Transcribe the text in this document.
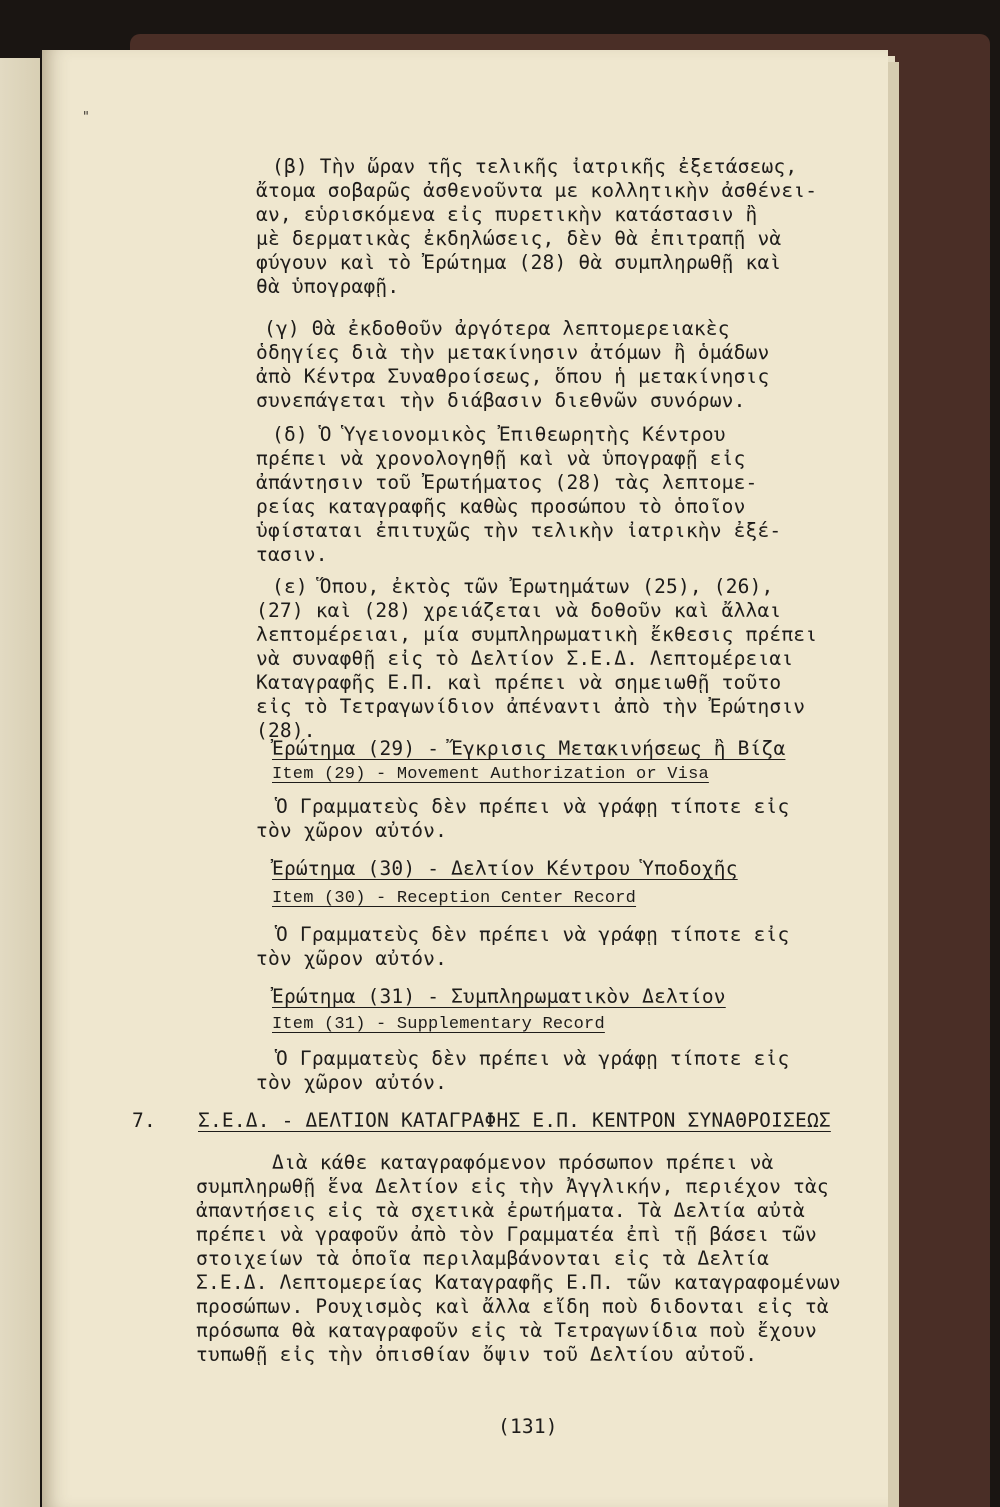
"
(β) Τὴν ὥραν τῆς τελικῆς ἰατρικῆς ἐξετάσεως,
ἄτομα σοβαρῶς ἀσθενοῦντα με κολλητικὴν ἀσθένει-
αν, εὑρισκόμενα εἰς πυρετικὴν κατάστασιν ἢ
μὲ δερματικὰς ἐκδηλώσεις, δὲν θὰ ἐπιτραπῇ νὰ
φύγουν καὶ τὸ Ἐρώτημα (28) θὰ συμπληρωθῇ καὶ
θὰ ὑπογραφῇ.
(γ) Θὰ ἐκδοθοῦν ἀργότερα λεπτομερειακὲς
ὁδηγίες διὰ τὴν μετακίνησιν ἀτόμων ἢ ὁμάδων
ἀπὸ Κέντρα Συναθροίσεως, ὅπου ἡ μετακίνησις
συνεπάγεται τὴν διάβασιν διεθνῶν συνόρων.
(δ) Ὁ Ὑγειονομικὸς Ἐπιθεωρητὴς Κέντρου
πρέπει νὰ χρονολογηθῇ καὶ νὰ ὑπογραφῇ εἰς
ἀπάντησιν τοῦ Ἐρωτήματος (28) τὰς λεπτομε-
ρείας καταγραφῆς καθὼς προσώπου τὸ ὁποῖον
ὑφίσταται ἐπιτυχῶς τὴν τελικὴν ἰατρικὴν ἐξέ-
τασιν.
(ε) Ὅπου, ἐκτὸς τῶν Ἐρωτημάτων (25), (26),
(27) καὶ (28) χρειάζεται νὰ δοθοῦν καὶ ἄλλαι
λεπτομέρειαι, μία συμπληρωματικὴ ἔκθεσις πρέπει
νὰ συναφθῇ εἰς τὸ Δελτίον Σ.Ε.Δ. Λεπτομέρειαι
Καταγραφῆς Ε.Π. καὶ πρέπει νὰ σημειωθῇ τοῦτο
εἰς τὸ Τετραγωνίδιον ἀπέναντι ἀπὸ τὴν Ἐρώτησιν
(28).
Ἐρώτημα (29) - Ἔγκρισις Μετακινήσεως ἢ Βίζα
Item (29) - Movement Authorization or Visa
Ὁ Γραμματεὺς δὲν πρέπει νὰ γράφῃ τίποτε εἰς
τὸν χῶρον αὐτόν.
Ἐρώτημα (30) - Δελτίον Κέντρου Ὑποδοχῆς
Item (30) - Reception Center Record
Ὁ Γραμματεὺς δὲν πρέπει νὰ γράφῃ τίποτε εἰς
τὸν χῶρον αὐτόν.
Ἐρώτημα (31) - Συμπληρωματικὸν Δελτίον
Item (31) - Supplementary Record
Ὁ Γραμματεὺς δὲν πρέπει νὰ γράφῃ τίποτε εἰς
τὸν χῶρον αὐτόν.
7. Σ.Ε.Δ. - ΔΕΛΤΙΟΝ ΚΑΤΑΓΡΑΦΗΣ Ε.Π. ΚΕΝΤΡΟΝ ΣΥΝΑΘΡΟΙΣΕΩΣ
Διὰ κάθε καταγραφόμενον πρόσωπον πρέπει νὰ
συμπληρωθῇ ἕνα Δελτίον εἰς τὴν Ἀγγλικήν, περιέχον τὰς
ἀπαντήσεις εἰς τὰ σχετικὰ ἐρωτήματα. Τὰ Δελτία αὐτὰ
πρέπει νὰ γραφοῦν ἀπὸ τὸν Γραμματέα ἐπὶ τῇ βάσει τῶν
στοιχείων τὰ ὁποῖα περιλαμβάνονται εἰς τὰ Δελτία
Σ.Ε.Δ. Λεπτομερείας Καταγραφῆς Ε.Π. τῶν καταγραφομένων
προσώπων. Ρουχισμὸς καὶ ἄλλα εἴδη ποὺ διδονται εἰς τὰ
πρόσωπα θὰ καταγραφοῦν εἰς τὰ Τετραγωνίδια ποὺ ἔχουν
τυπωθῇ εἰς τὴν ὀπισθίαν ὄψιν τοῦ Δελτίου αὐτοῦ.
(131)
